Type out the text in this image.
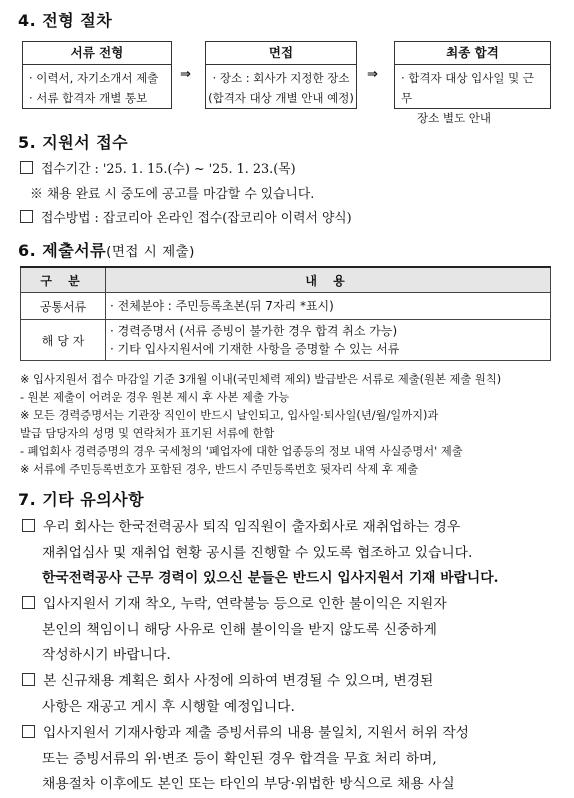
4. 전형 절차
서류 전형
· 이력서, 자기소개서 제출
· 서류 합격자 개별 통보
⇒
면접
· 장소 : 회사가 지정한 장소
(합격자 대상 개별 안내 예정)
⇒
최종 합격
· 합격자 대상 입사일 및 근무
장소 별도 안내
5. 지원서 접수
접수기간 : '25. 1. 15.(수) ~ '25. 1. 23.(목)
※ 채용 완료 시 중도에 공고를 마감할 수 있습니다.
접수방법 : 잡코리아 온라인 접수(잡코리아 이력서 양식)
6. 제출서류(면접 시 제출)
구 분	내 용
공통서류	· 전체분야 : 주민등록초본(뒤 7자리 *표시)

해 당 자	· 경력증명서 (서류 증빙이 불가한 경우 합격 취소 가능)
· 기타 입사지원서에 기재한 사항을 증명할 수 있는 서류
※ 입사지원서 접수 마감일 기준 3개월 이내(국민체력 제외) 발급받은 서류로 제출(원본 제출 원칙)
- 원본 제출이 어려운 경우 원본 제시 후 사본 제출 가능
※ 모든 경력증명서는 기관장 직인이 반드시 날인되고, 입사일·퇴사일(년/월/일까지)과
발급 담당자의 성명 및 연락처가 표기된 서류에 한함
- 폐업회사 경력증명의 경우 국세청의 '폐업자에 대한 업종등의 정보 내역 사실증명서' 제출
※ 서류에 주민등록번호가 포함된 경우, 반드시 주민등록번호 뒷자리 삭제 후 제출
7. 기타 유의사항
우리 회사는 한국전력공사 퇴직 임직원이 출자회사로 재취업하는 경우
재취업심사 및 재취업 현황 공시를 진행할 수 있도록 협조하고 있습니다.
한국전력공사 근무 경력이 있으신 분들은 반드시 입사지원서 기재 바랍니다.
입사지원서 기재 착오, 누락, 연락불능 등으로 인한 불이익은 지원자
본인의 책임이니 해당 사유로 인해 불이익을 받지 않도록 신중하게
작성하시기 바랍니다.
본 신규채용 계획은 회사 사정에 의하여 변경될 수 있으며, 변경된
사항은 재공고 게시 후 시행할 예정입니다.
입사지원서 기재사항과 제출 증빙서류의 내용 불일치, 지원서 허위 작성
또는 증빙서류의 위·변조 등이 확인된 경우 합격을 무효 처리 하며,
채용절차 이후에도 본인 또는 타인의 부당·위법한 방식으로 채용 사실
